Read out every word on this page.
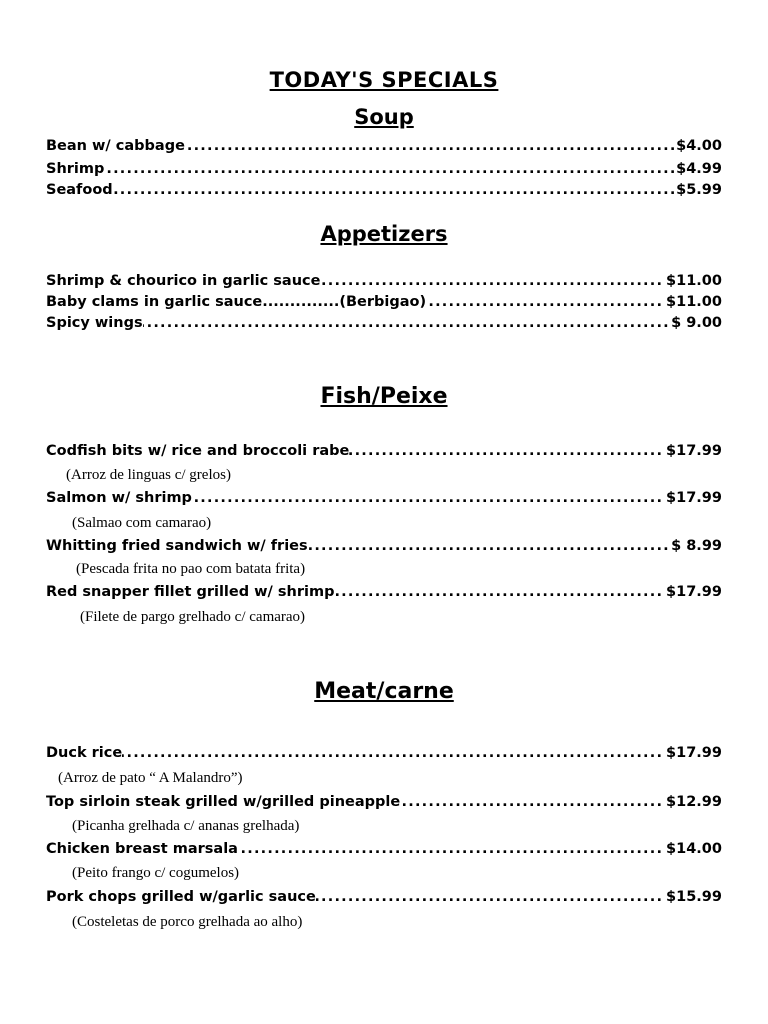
TODAY'S SPECIALS
Soup
.....
Bean w/ cabbage	$4.00
.....
Shrimp	$4.99
.....
Seafood	$5.99
Appetizers
.....
Shrimp & chourico in garlic sauce	$11.00
.....
Baby clams in garlic sauce..............(Berbigao)	$11.00
.....
Spicy wings	$ 9.00
Fish/Peixe
.....
Codfish bits w/ rice and broccoli rabe	$17.99
(Arroz de linguas c/ grelos)
.....
Salmon w/ shrimp	$17.99
(Salmao com camarao)
.....
Whitting fried sandwich w/ fries	$ 8.99
(Pescada frita no pao com batata frita)
.....
Red snapper fillet grilled w/ shrimp	$17.99
(Filete de pargo grelhado c/ camarao)
Meat/carne
.....
Duck rice	$17.99
(Arroz de pato “ A Malandro”)
.....
Top sirloin steak grilled w/grilled pineapple	$12.99
(Picanha grelhada c/ ananas grelhada)
.....
Chicken breast marsala	$14.00
(Peito frango c/ cogumelos)
.....
Pork chops grilled w/garlic sauce	$15.99
(Costeletas de porco grelhada ao alho)
